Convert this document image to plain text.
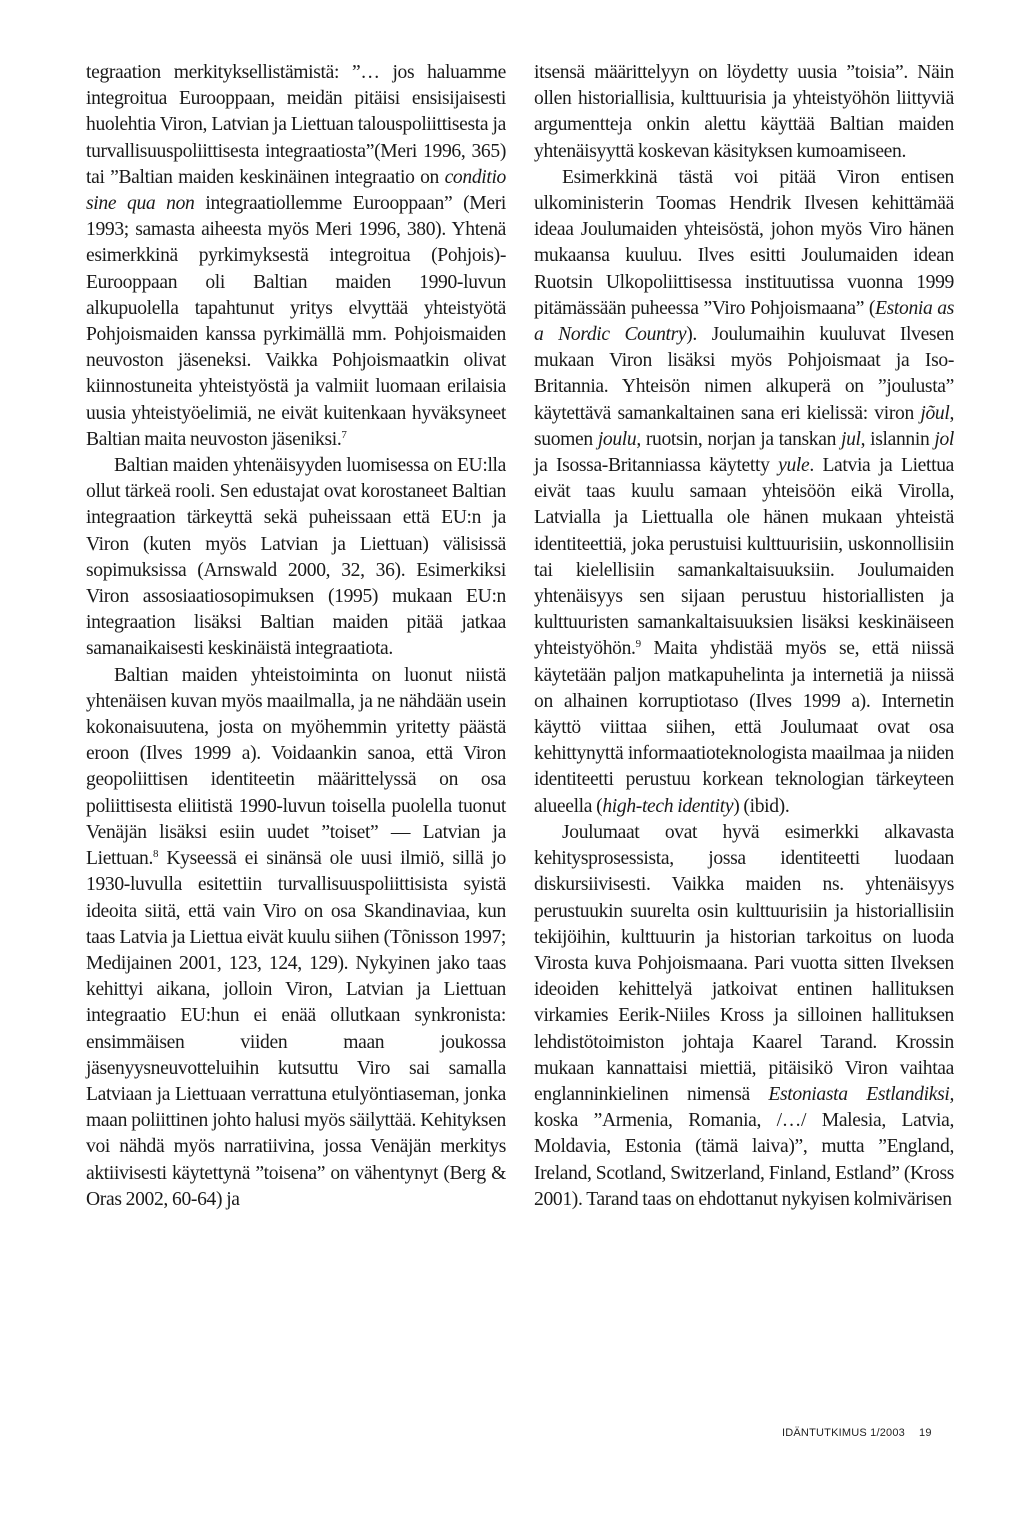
tegraation merkityksellistämistä: ”… jos haluamme integroitua Eurooppaan, meidän pitäisi ensisijaisesti huolehtia Viron, Latvian ja Liettuan talouspoliittisesta ja turvallisuuspoliittisesta integraatiosta”(Meri 1996, 365) tai ”Baltian maiden keskinäinen integraatio on conditio sine qua non integraatiollemme Eurooppaan” (Meri 1993; samasta aiheesta myös Meri 1996, 380). Yhtenä esimerkkinä pyrkimyksestä integroitua (Pohjois)-Eurooppaan oli Baltian maiden 1990-luvun alkupuolella tapahtunut yritys elvyttää yhteistyötä Pohjoismaiden kanssa pyrkimällä mm. Pohjoismaiden neuvoston jäseneksi. Vaikka Pohjoismaatkin olivat kiinnostuneita yhteistyöstä ja valmiit luomaan erilaisia uusia yhteistyöelimiä, ne eivät kuitenkaan hyväksyneet Baltian maita neuvoston jäseniksi.$^7$

Baltian maiden yhtenäisyyden luomisessa on EU:lla ollut tärkeä rooli. Sen edustajat ovat korostaneet Baltian integraation tärkeyttä sekä puheissaan että EU:n ja Viron (kuten myös Latvian ja Liettuan) välisissä sopimuksissa (Arnswald 2000, 32, 36). Esimerkiksi Viron assosiaatiosopimuksen (1995) mukaan EU:n integraation lisäksi Baltian maiden pitää jatkaa samanaikaisesti keskinäistä integraatiota.

Baltian maiden yhteistoiminta on luonut niistä yhtenäisen kuvan myös maailmalla, ja ne nähdään usein kokonaisuutena, josta on myöhemmin yritetty päästä eroon (Ilves 1999 a). Voidaankin sanoa, että Viron geopoliittisen identiteetin määrittelyssä on osa poliittisesta eliitistä 1990-luvun toisella puolella tuonut Venäjän lisäksi esiin uudet ”toiset” — Latvian ja Liettuan.$^8$ Kyseessä ei sinänsä ole uusi ilmiö, sillä jo 1930-luvulla esitettiin turvallisuuspoliittisista syistä ideoita siitä, että vain Viro on osa Skandinaviaa, kun taas Latvia ja Liettua eivät kuulu siihen (Tõnisson 1997; Medijainen 2001, 123, 124, 129). Nykyinen jako taas kehittyi aikana, jolloin Viron, Latvian ja Liettuan integraatio EU:hun ei enää ollutkaan synkronista: ensimmäisen viiden maan joukossa jäsenyysneuvotteluihin kutsuttu Viro sai samalla Latviaan ja Liettuaan verrattuna etulyöntiaseman, jonka maan poliittinen johto halusi myös säilyttää. Kehityksen voi nähdä myös narratiivina, jossa Venäjän merkitys aktiivisesti käytettynä ”toisena” on vähentynyt (Berg & Oras 2002, 60-64) ja

itsensä määrittelyyn on löydetty uusia ”toisia”. Näin ollen historiallisia, kulttuurisia ja yhteistyöhön liittyviä argumentteja onkin alettu käyttää Baltian maiden yhtenäisyyttä koskevan käsityksen kumoamiseen.

Esimerkkinä tästä voi pitää Viron entisen ulkoministerin Toomas Hendrik Ilvesen kehittämää ideaa Joulumaiden yhteisöstä, johon myös Viro hänen mukaansa kuuluu. Ilves esitti Joulumaiden idean Ruotsin Ulkopoliittisessa instituutissa vuonna 1999 pitämässään puheessa ”Viro Pohjoismaana” (Estonia as a Nordic Country). Joulumaihin kuuluvat Ilvesen mukaan Viron lisäksi myös Pohjoismaat ja Iso-Britannia. Yhteisön nimen alkuperä on ”joulusta” käytettävä samankaltainen sana eri kielissä: viron jõul, suomen joulu, ruotsin, norjan ja tanskan jul, islannin jol ja Isossa-Britanniassa käytetty yule. Latvia ja Liettua eivät taas kuulu samaan yhteisöön eikä Virolla, Latvialla ja Liettualla ole hänen mukaan yhteistä identiteettiä, joka perustuisi kulttuurisiin, uskonnollisiin tai kielellisiin samankaltaisuuksiin. Joulumaiden yhtenäisyys sen sijaan perustuu historiallisten ja kulttuuristen samankaltaisuuksien lisäksi keskinäiseen yhteistyöhön.$^9$ Maita yhdistää myös se, että niissä käytetään paljon matkapuhelinta ja internetiä ja niissä on alhainen korruptiotaso (Ilves 1999 a). Internetin käyttö viittaa siihen, että Joulumaat ovat osa kehittynyttä informaatioteknologista maailmaa ja niiden identiteetti perustuu korkean teknologian tärkeyteen alueella (high-tech identity) (ibid).

Joulumaat ovat hyvä esimerkki alkavasta kehitysprosessista, jossa identiteetti luodaan diskursiivisesti. Vaikka maiden ns. yhtenäisyys perustuukin suurelta osin kulttuurisiin ja historiallisiin tekijöihin, kulttuurin ja historian tarkoitus on luoda Virosta kuva Pohjoismaana. Pari vuotta sitten Ilveksen ideoiden kehittelyä jatkoivat entinen hallituksen virkamies Eerik-Niiles Kross ja silloinen hallituksen lehdistötoimiston johtaja Kaarel Tarand. Krossin mukaan kannattaisi miettiä, pitäisikö Viron vaihtaa englanninkielinen nimensä Estoniasta Estlandiksi, koska ”Armenia, Romania, /…/ Malesia, Latvia, Moldavia, Estonia (tämä laiva)”, mutta ”England, Ireland, Scotland, Switzerland, Finland, Estland” (Kross 2001). Tarand taas on ehdottanut nykyisen kolmivärisen

IDÄNTUTKIMUS 1/2003 19
